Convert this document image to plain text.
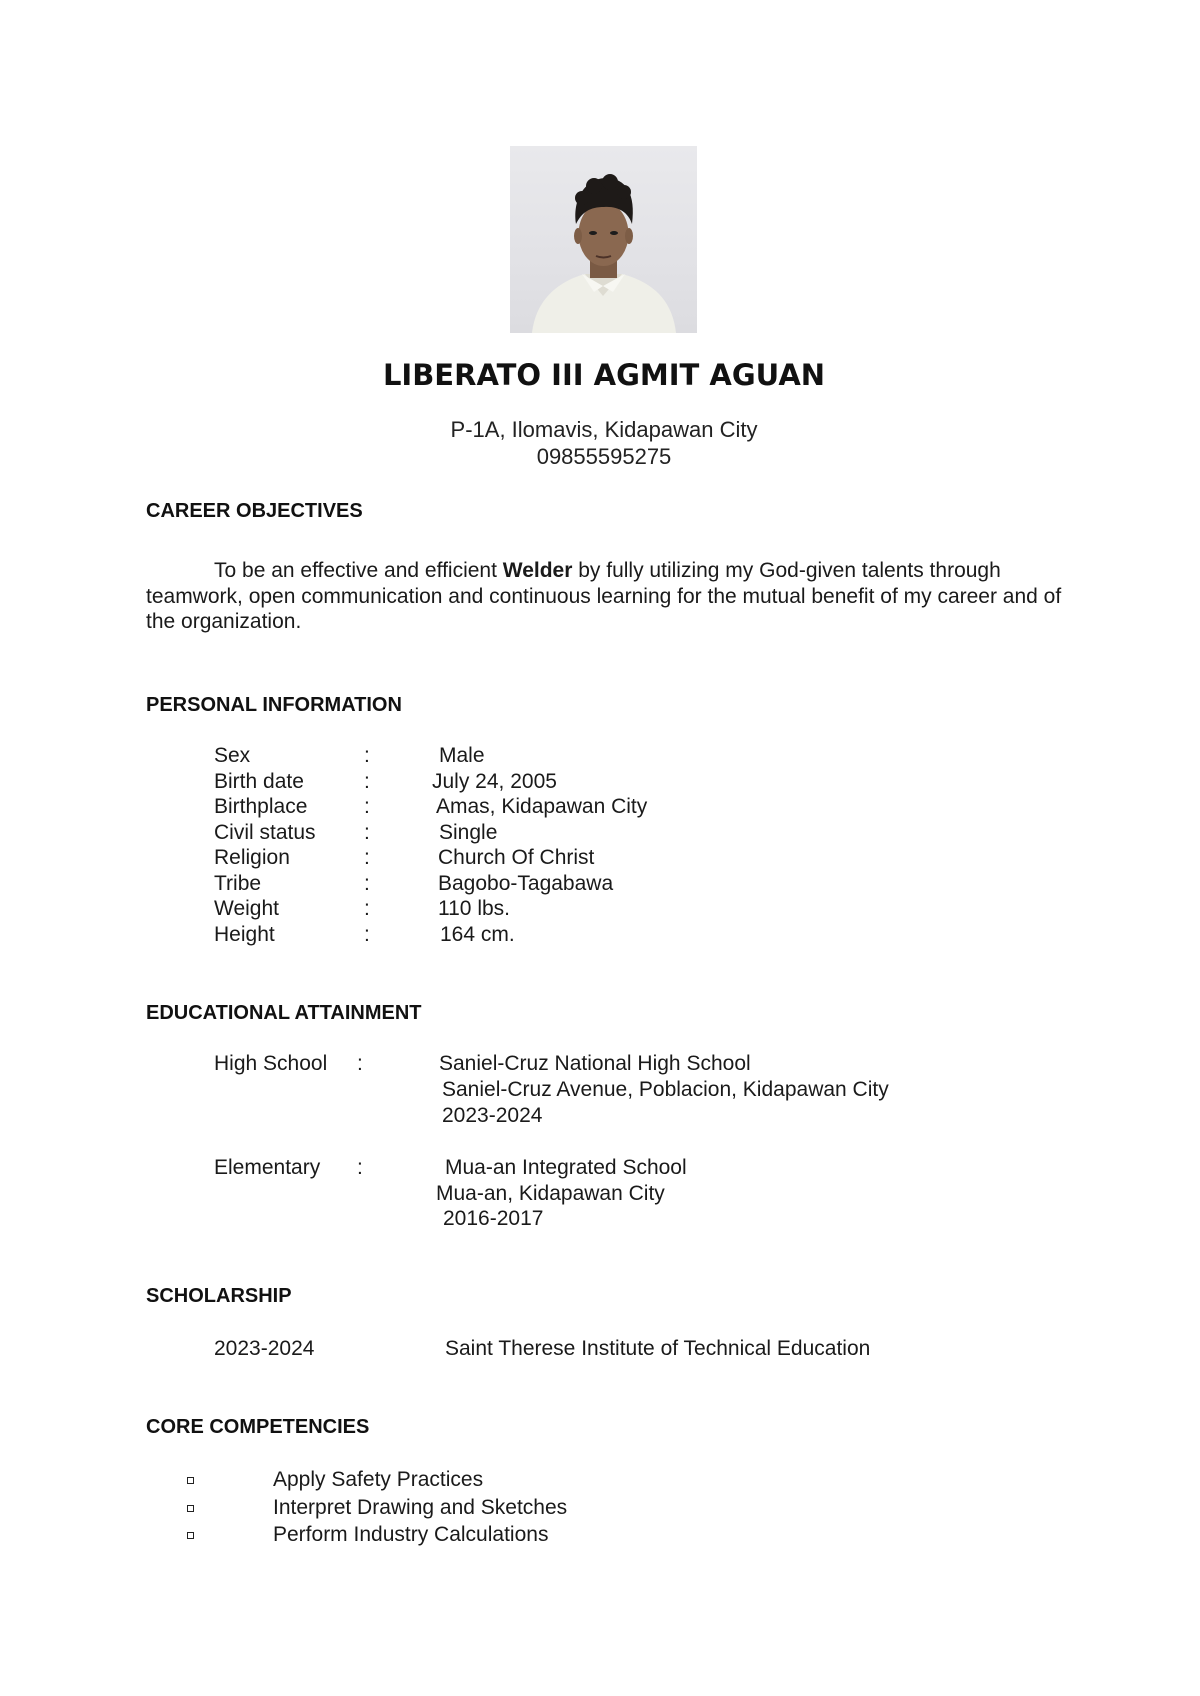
LIBERATO III AGMIT AGUAN
P-1A, Ilomavis, Kidapawan City
09855595275
CAREER OBJECTIVES
To be an effective and efficient Welder by fully utilizing my God-given talents through teamwork, open communication and continuous learning for the mutual benefit of my career and of the organization.
PERSONAL INFORMATION
Sex	:	Male
Birth date	:	July 24, 2005
Birthplace	:	Amas, Kidapawan City
Civil status :	Single
Religion	:	Church Of Christ
Tribe	:	Bagobo-Tagabawa
Weight	:	110 lbs.
Height	:	164 cm.
EDUCATIONAL ATTAINMENT
High School :	Saniel-Cruz National High School
Saniel-Cruz Avenue, Poblacion, Kidapawan City
2023-2024
Elementary :	Mua-an Integrated School
Mua-an, Kidapawan City
2016-2017
SCHOLARSHIP
2023-2024	Saint Therese Institute of Technical Education
CORE COMPETENCIES
Apply Safety Practices
Interpret Drawing and Sketches
Perform Industry Calculations
